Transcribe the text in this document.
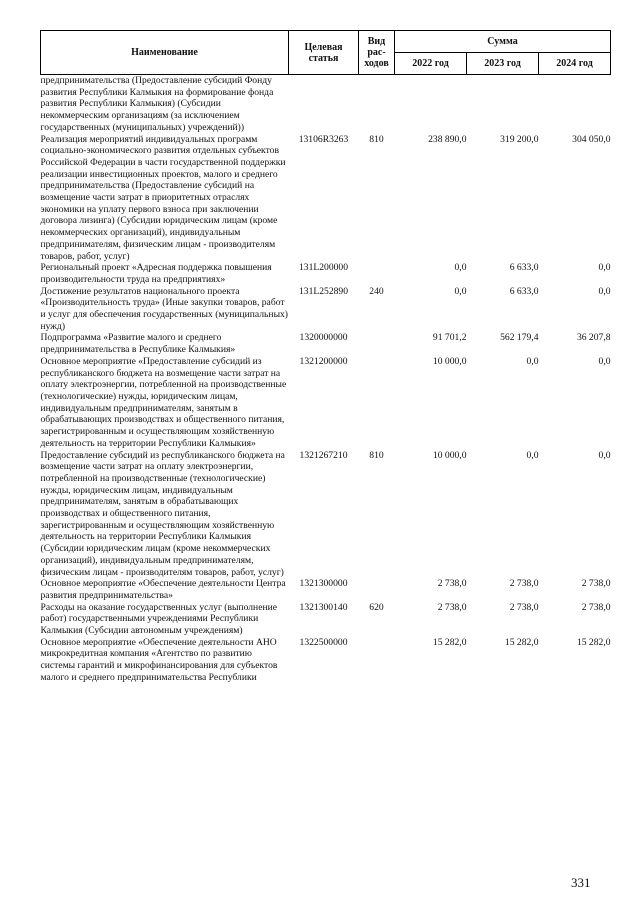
Наименование	Целевая статья	Вид рас-ходов	Сумма		
			2022 год	2023 год	2024 год
предпринимательства (Предоставление субсидий Фонду развития Республики Калмыкия на формирование фонда развития Республики Калмыкия) (Субсидии некоммерческим организациям (за исключением государственных (муниципальных) учреждений))					
Реализация мероприятий индивидуальных программ социально-экономического развития отдельных субъектов Российской Федерации в части государственной поддержки реализации инвестиционных проектов, малого и среднего предпринимательства (Предоставление субсидий на возмещение части затрат в приоритетных отраслях экономики на уплату первого взноса при заключении договора лизинга) (Субсидии юридическим лицам (кроме некоммерческих организаций), индивидуальным предпринимателям, физическим лицам - производителям товаров, работ, услуг)	13106R3263	810	238 890,0	319 200,0	304 050,0
Региональный проект «Адресная поддержка повышения производительности труда на предприятиях»	131L200000		0,0	6 633,0	0,0
Достижение результатов национального проекта «Производительность труда» (Иные закупки товаров, работ и услуг для обеспечения государственных (муниципальных) нужд)	131L252890	240	0,0	6 633,0	0,0
Подпрограмма «Развитие малого и среднего предпринимательства в Республике Калмыкия»	1320000000		91 701,2	562 179,4	36 207,8
Основное мероприятие «Предоставление субсидий из республиканского бюджета на возмещение части затрат на оплату электроэнергии, потребленной на производственные (технологические) нужды, юридическим лицам, индивидуальным предпринимателям, занятым в обрабатывающих производствах и общественного питания, зарегистрированным и осуществляющим хозяйственную деятельность на территории Республики Калмыкия»	1321200000		10 000,0	0,0	0,0
Предоставление субсидий из республиканского бюджета на возмещение части затрат на оплату электроэнергии, потребленной на производственные (технологические) нужды, юридическим лицам, индивидуальным предпринимателям, занятым в обрабатывающих производствах и общественного питания, зарегистрированным и осуществляющим хозяйственную деятельность на территории Республики Калмыкия (Субсидии юридическим лицам (кроме некоммерческих организаций), индивидуальным предпринимателям, физическим лицам - производителям товаров, работ, услуг)	1321267210	810	10 000,0	0,0	0,0
Основное мероприятие «Обеспечение деятельности Центра развития предпринимательства»	1321300000		2 738,0	2 738,0	2 738,0
Расходы на оказание государственных услуг (выполнение работ) государственными учреждениями Республики Калмыкия (Субсидии автономным учреждениям)	1321300140	620	2 738,0	2 738,0	2 738,0
Основное мероприятие «Обеспечение деятельности АНО микрокредитная компания «Агентство по развитию системы гарантий и микрофинансирования для субъектов малого и среднего предпринимательства Республики	1322500000		15 282,0	15 282,0	15 282,0
331
